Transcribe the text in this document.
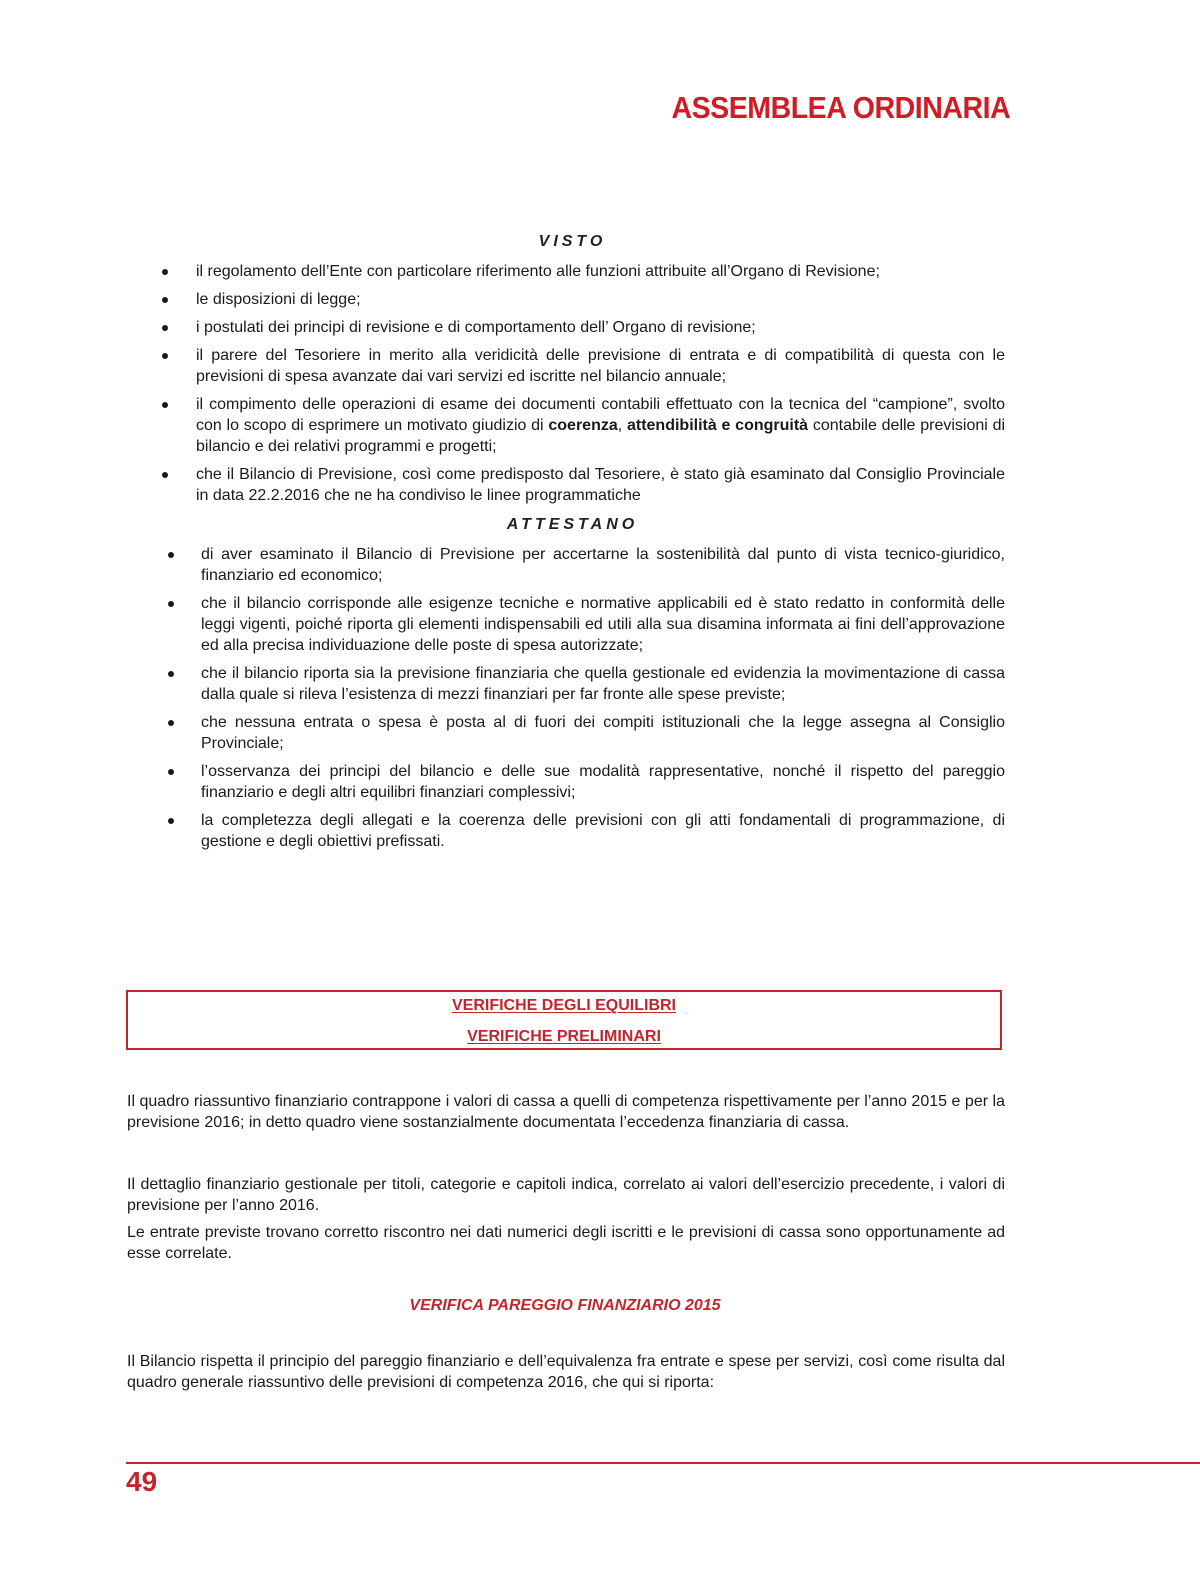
ASSEMBLEA ORDINARIA
VISTO
il regolamento dell’Ente con particolare riferimento alle funzioni attribuite all’Organo di Revisione;
le disposizioni di legge;
i postulati dei principi di revisione e di comportamento dell’ Organo di revisione;
il parere del Tesoriere in merito alla veridicità delle previsione di entrata e di compatibilità di questa con le previsioni di spesa avanzate dai vari servizi ed iscritte nel bilancio annuale;
il compimento delle operazioni di esame dei documenti contabili effettuato con la tecnica del “campione”, svolto con lo scopo di esprimere un motivato giudizio di coerenza, attendibilità e congruità contabile delle previsioni di bilancio e dei relativi programmi e progetti;
che il Bilancio di Previsione, così come predisposto dal Tesoriere, è stato già esaminato dal Consiglio Provinciale in data 22.2.2016 che ne ha condiviso le linee programmatiche
ATTESTANO
di aver esaminato il Bilancio di Previsione per accertarne la sostenibilità dal punto di vista tecnico-giuridico, finanziario ed economico;
che il bilancio corrisponde alle esigenze tecniche e normative applicabili ed è stato redatto in conformità delle leggi vigenti, poiché riporta gli elementi indispensabili ed utili alla sua disamina informata ai fini dell’approvazione ed alla precisa individuazione delle poste di spesa autorizzate;
che il bilancio riporta sia la previsione finanziaria che quella gestionale ed evidenzia la movimentazione di cassa dalla quale si rileva l’esistenza di mezzi finanziari per far fronte alle spese previste;
che nessuna entrata o spesa è posta al di fuori dei compiti istituzionali che la legge assegna al Consiglio Provinciale;
l’osservanza dei principi del bilancio e delle sue modalità rappresentative, nonché il rispetto del pareggio finanziario e degli altri equilibri finanziari complessivi;
la completezza degli allegati e la coerenza delle previsioni con gli atti fondamentali di programmazione, di gestione e degli obiettivi prefissati.
VERIFICHE DEGLI EQUILIBRI
VERIFICHE PRELIMINARI
Il quadro riassuntivo finanziario contrappone i valori di cassa a quelli di competenza rispettivamente per l’anno 2015 e per la previsione 2016; in detto quadro viene sostanzialmente documentata l’eccedenza finanziaria di cassa.
Il dettaglio finanziario gestionale per titoli, categorie e capitoli indica, correlato ai valori dell’esercizio precedente, i valori di previsione per l’anno 2016.
Le entrate previste trovano corretto riscontro nei dati numerici degli iscritti e le previsioni di cassa sono opportunamente ad esse correlate.
VERIFICA PAREGGIO FINANZIARIO 2015
Il Bilancio rispetta il principio del pareggio finanziario e dell’equivalenza fra entrate e spese per servizi, così come risulta dal quadro generale riassuntivo delle previsioni di competenza 2016, che qui si riporta:
49
